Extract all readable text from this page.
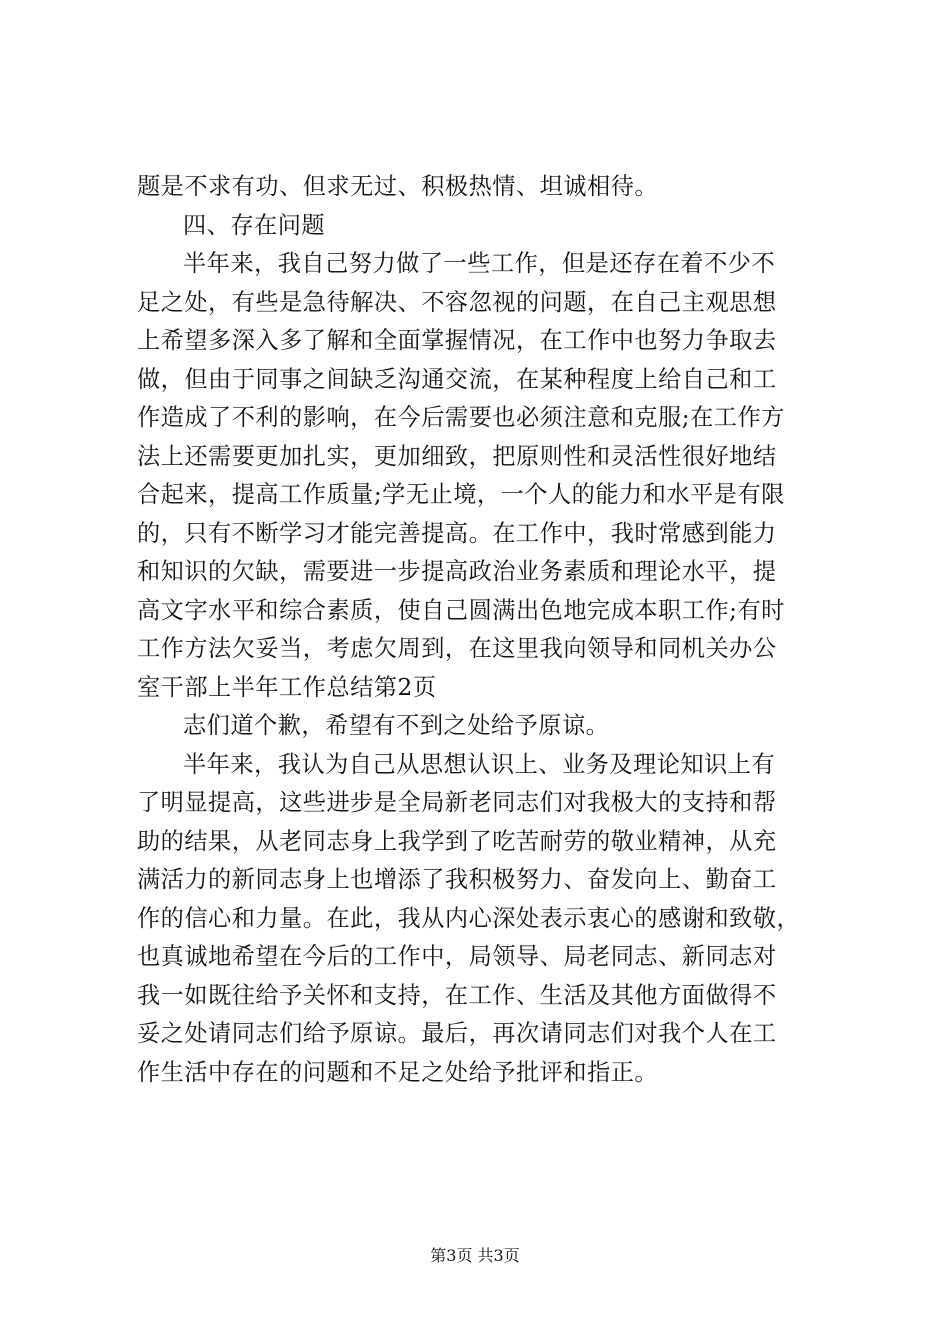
题是不求有功、但求无过、积极热情、坦诚相待。
四、存在问题
半年来，我自己努力做了一些工作，但是还存在着不少不
足之处，有些是急待解决、不容忽视的问题，在自己主观思想
上希望多深入多了解和全面掌握情况，在工作中也努力争取去
做，但由于同事之间缺乏沟通交流，在某种程度上给自己和工
作造成了不利的影响，在今后需要也必须注意和克服;在工作方
法上还需要更加扎实，更加细致，把原则性和灵活性很好地结
合起来，提高工作质量;学无止境，一个人的能力和水平是有限
的，只有不断学习才能完善提高。在工作中，我时常感到能力
和知识的欠缺，需要进一步提高政治业务素质和理论水平，提
高文字水平和综合素质，使自己圆满出色地完成本职工作;有时
工作方法欠妥当，考虑欠周到，在这里我向领导和同机关办公
室干部上半年工作总结第2页
志们道个歉，希望有不到之处给予原谅。
半年来，我认为自己从思想认识上、业务及理论知识上有
了明显提高，这些进步是全局新老同志们对我极大的支持和帮
助的结果，从老同志身上我学到了吃苦耐劳的敬业精神，从充
满活力的新同志身上也增添了我积极努力、奋发向上、勤奋工
作的信心和力量。在此，我从内心深处表示衷心的感谢和致敬，
也真诚地希望在今后的工作中，局领导、局老同志、新同志对
我一如既往给予关怀和支持，在工作、生活及其他方面做得不
妥之处请同志们给予原谅。最后，再次请同志们对我个人在工
作生活中存在的问题和不足之处给予批评和指正。
第3页 共3页
